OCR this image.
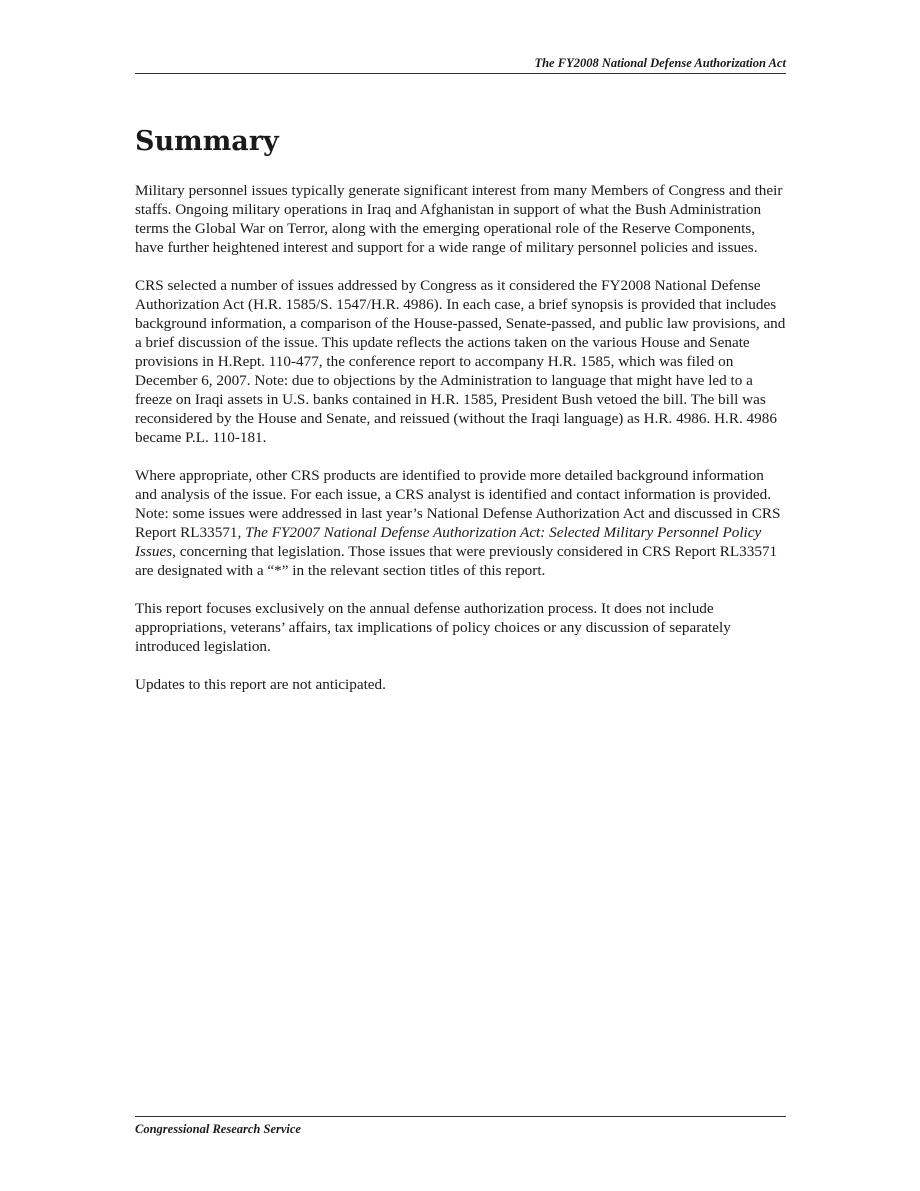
The FY2008 National Defense Authorization Act
Summary

Military personnel issues typically generate significant interest from many Members of Congress and their staffs. Ongoing military operations in Iraq and Afghanistan in support of what the Bush Administration terms the Global War on Terror, along with the emerging operational role of the Reserve Components, have further heightened interest and support for a wide range of military personnel policies and issues.

CRS selected a number of issues addressed by Congress as it considered the FY2008 National Defense Authorization Act (H.R. 1585/S. 1547/H.R. 4986). In each case, a brief synopsis is provided that includes background information, a comparison of the House-passed, Senate-passed, and public law provisions, and a brief discussion of the issue. This update reflects the actions taken on the various House and Senate provisions in H.Rept. 110-477, the conference report to accompany H.R. 1585, which was filed on December 6, 2007. Note: due to objections by the Administration to language that might have led to a freeze on Iraqi assets in U.S. banks contained in H.R. 1585, President Bush vetoed the bill. The bill was reconsidered by the House and Senate, and reissued (without the Iraqi language) as H.R. 4986. H.R. 4986 became P.L. 110-181.

Where appropriate, other CRS products are identified to provide more detailed background information and analysis of the issue. For each issue, a CRS analyst is identified and contact information is provided. Note: some issues were addressed in last year’s National Defense Authorization Act and discussed in CRS Report RL33571, The FY2007 National Defense Authorization Act: Selected Military Personnel Policy Issues, concerning that legislation. Those issues that were previously considered in CRS Report RL33571 are designated with a “*” in the relevant section titles of this report.

This report focuses exclusively on the annual defense authorization process. It does not include appropriations, veterans’ affairs, tax implications of policy choices or any discussion of separately introduced legislation.

Updates to this report are not anticipated.

Congressional Research Service
